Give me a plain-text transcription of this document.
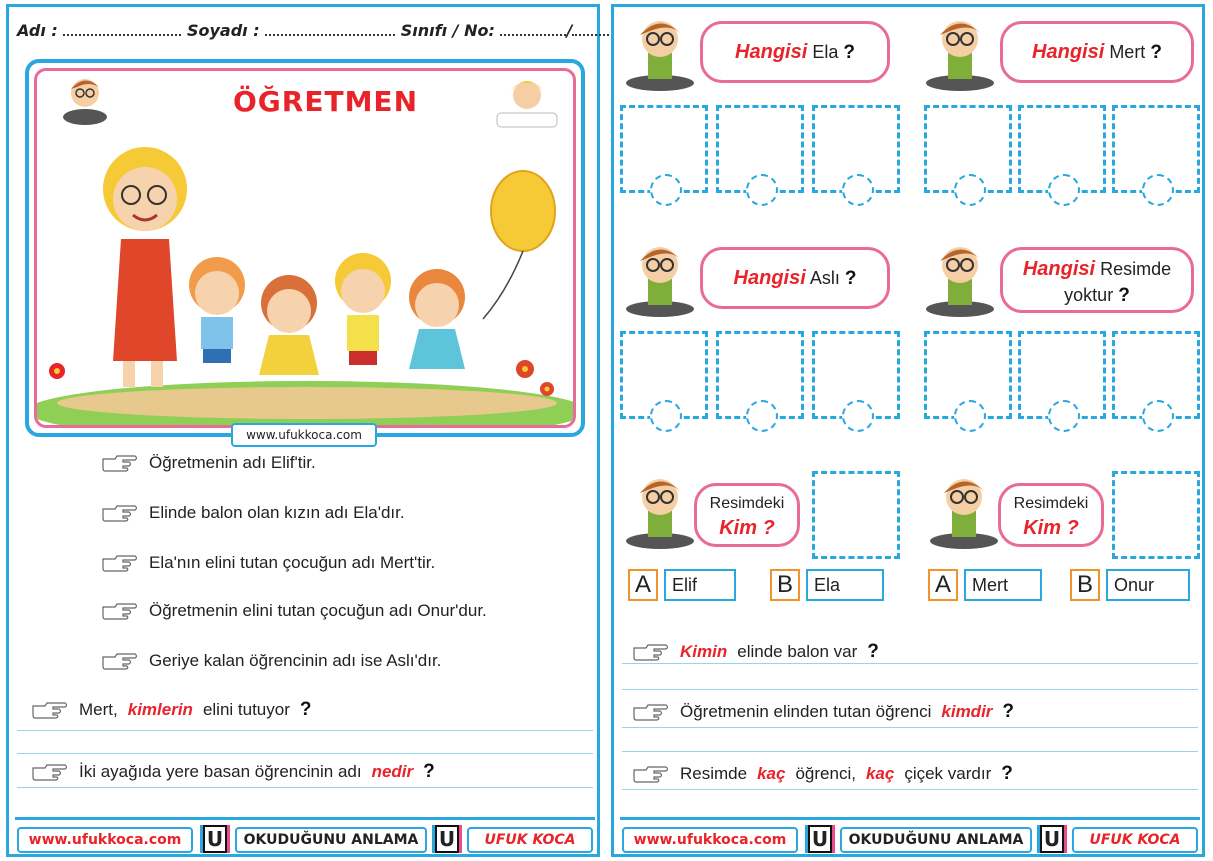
Adı :	Soyadı :	Sınıfı / No:	/
ÖĞRETMEN
www.ufukkoca.com
Öğretmenin adı Elif'tir.
Elinde balon olan kızın adı Ela'dır.
Ela'nın elini tutan çocuğun adı Mert'tir.
Öğretmenin elini tutan çocuğun adı Onur'dur.
Geriye kalan öğrencinin adı ise Aslı'dır.
Mert, kimlerin elini tutuyor ?
İki ayağıda yere basan öğrencinin adı nedir ?
www.ufukkoca.com	U	OKUDUĞUNU ANLAMA	U	UFUK KOCA
Hangisi Ela ?	Hangisi Mert ?
Hangisi Aslı ?	Hangisi Resimde
yoktur ?
Resimdeki
Kim ?
A	Elif	B	Ela
Resimdeki
Kim ?
A	Mert	B	Onur
Kimin elinde balon var ?
Öğretmenin elinden tutan öğrenci kimdir ?
Resimde kaç öğrenci, kaç çiçek vardır ?
www.ufukkoca.com	U	OKUDUĞUNU ANLAMA	U	UFUK KOCA
